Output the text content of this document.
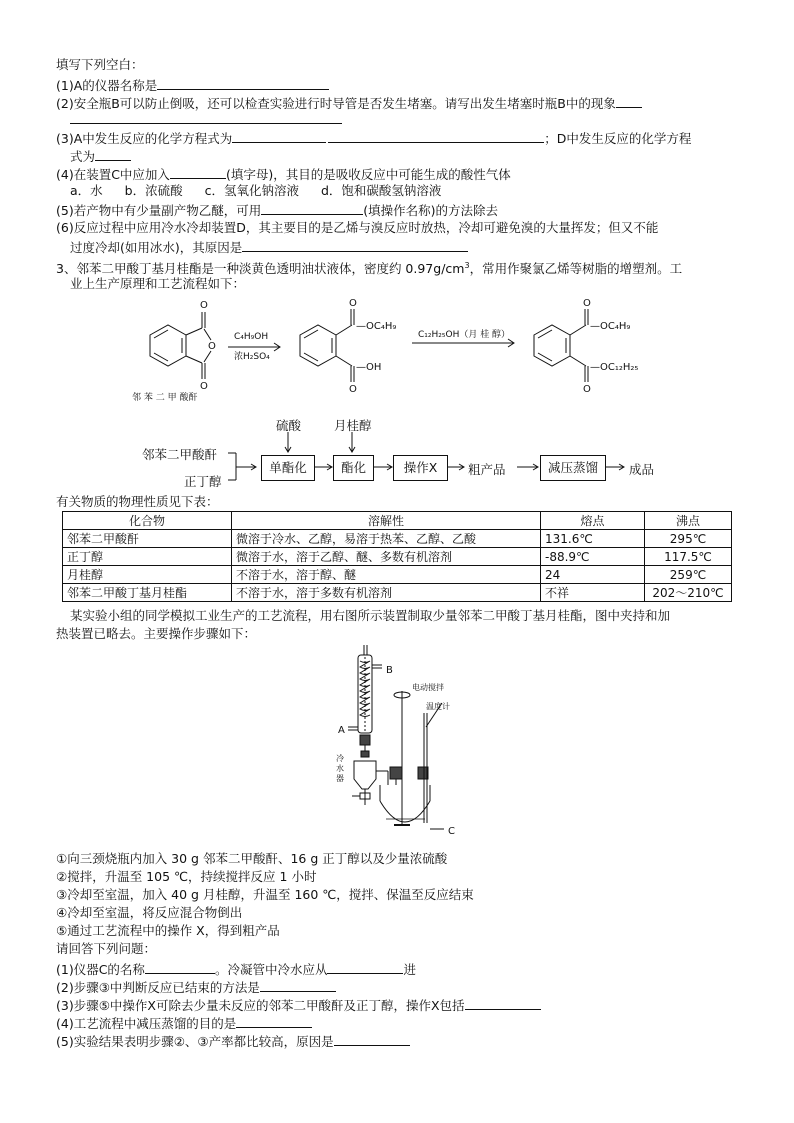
填写下列空白：
(1)A的仪器名称是
(2)安全瓶B可以防止倒吸，还可以检查实验进行时导管是否发生堵塞。请写出发生堵塞时瓶B中的现象
(3)A中发生反应的化学方程式为	；D中发生反应的化学方程
式为
(4)在装置C中应加入	(填字母)，其目的是吸收反应中可能生成的酸性气体
a．水 b．浓硫酸 c．氢氧化钠溶液 d．饱和碳酸氢钠溶液
(5)若产物中有少量副产物乙醚，可用	(填操作名称)的方法除去
(6)反应过程中应用冷水冷却装置D，其主要目的是乙烯与溴反应时放热，冷却可避免溴的大量挥发；但又不能
过度冷却(如用冰水)，其原因是
3、邻苯二甲酸丁基月桂酯是一种淡黄色透明油状液体，密度约 $0.97g/cm^3$，常用作聚氯乙烯等树脂的增塑剂。工
业上生产原理和工艺流程如下：
O
O
O
邻 苯 二 甲 酸酐
C₄H₉OH
浓H₂SO₄
O
—OC₄H₉
—OH
O
C₁₂H₂₅OH（月 桂 醇）
O
—OC₄H₉
—OC₁₂H₂₅
O
邻苯二甲酸酐
正丁醇
硫酸	月桂醇
单酯化	酯化	操作X	粗产品	减压蒸馏	成品
有关物质的物理性质见下表：
化合物	溶解性	熔点	沸点
邻苯二甲酸酐	微溶于冷水、乙醇，易溶于热苯、乙醇、乙酸	131.6℃	295℃
正丁醇	微溶于水，溶于乙醇、醚、多数有机溶剂	-88.9℃	117.5℃
月桂醇	不溶于水，溶于醇、醚	24	259℃
邻苯二甲酸丁基月桂酯	不溶于水，溶于多数有机溶剂	不祥	202～210℃
某实验小组的同学模拟工业生产的工艺流程，用右图所示装置制取少量邻苯二甲酸丁基月桂酯，图中夹持和加
热装置已略去。主要操作步骤如下：
B
A
C
电动搅拌
温度计
冷
水
器
①向三颈烧瓶内加入 30 g 邻苯二甲酸酐、16 g 正丁醇以及少量浓硫酸
②搅拌，升温至 105 ℃，持续搅拌反应 1 小时
③冷却至室温，加入 40 g 月桂醇，升温至 160 ℃，搅拌、保温至反应结束
④冷却至室温，将反应混合物倒出
⑤通过工艺流程中的操作 X，得到粗产品
请回答下列问题：
(1)仪器C的名称	。冷凝管中冷水应从	进
(2)步骤③中判断反应已结束的方法是
(3)步骤⑤中操作X可除去少量未反应的邻苯二甲酸酐及正丁醇，操作X包括
(4)工艺流程中减压蒸馏的目的是
(5)实验结果表明步骤②、③产率都比较高，原因是
